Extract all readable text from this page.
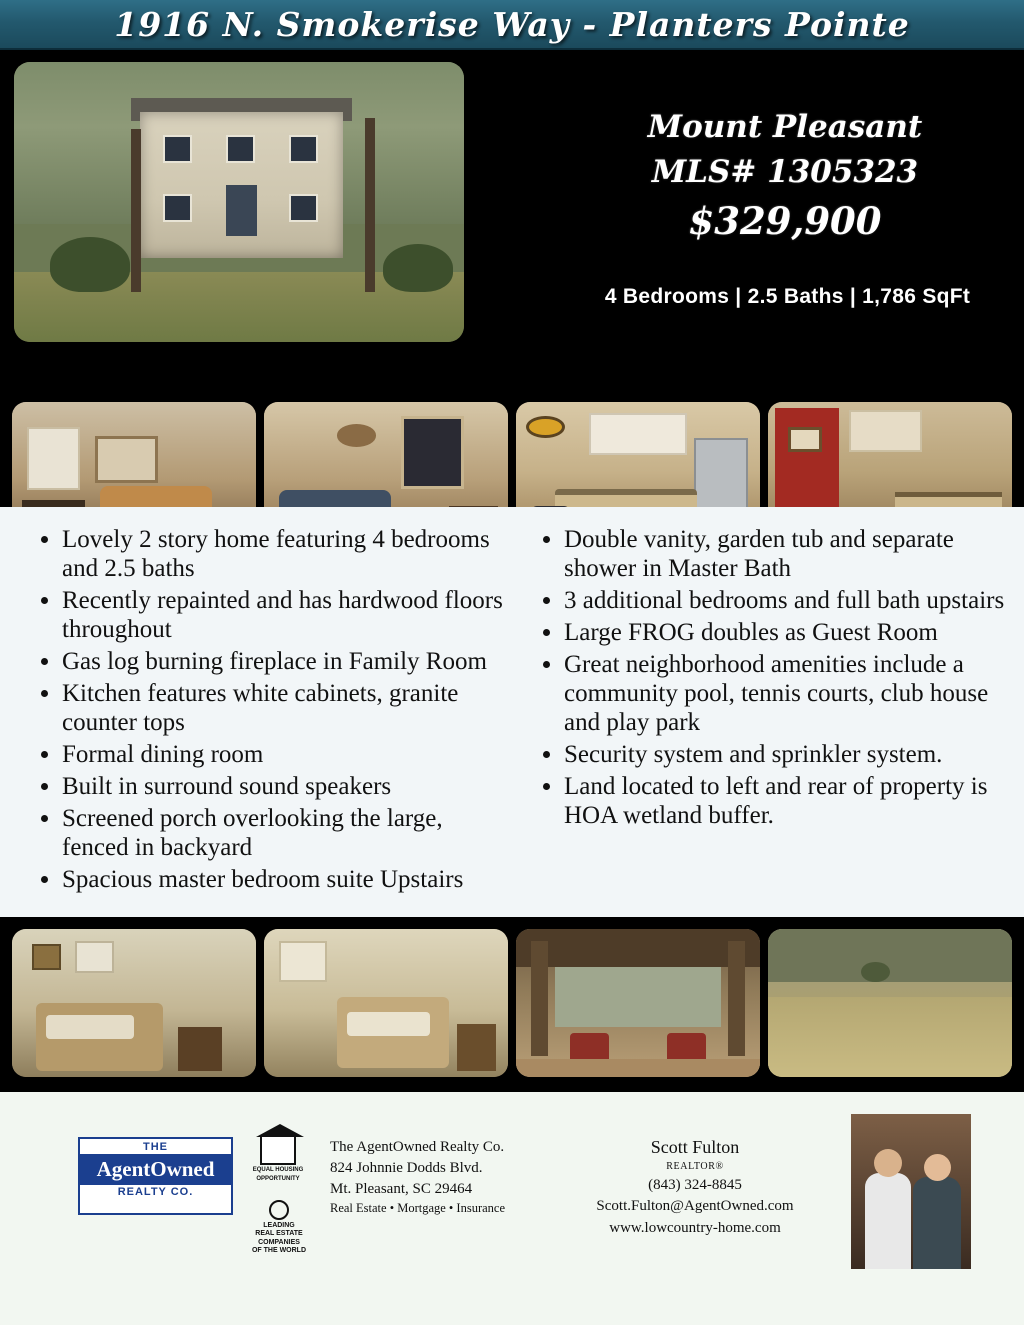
1916 N. Smokerise Way - Planters Pointe
Mount Pleasant
MLS# 1305323
$329,900
4 Bedrooms | 2.5 Baths | 1,786 SqFt
• Lovely 2 story home featuring 4 bedrooms and 2.5 baths
• Recently repainted and has hardwood floors throughout
• Gas log burning fireplace in Family Room
• Kitchen features white cabinets, granite counter tops
• Formal dining room
• Built in surround sound speakers
• Screened porch overlooking the large, fenced in backyard
• Spacious master bedroom suite Upstairs
• Double vanity, garden tub and separate shower in Master Bath
• 3 additional bedrooms and full bath upstairs
• Large FROG doubles as Guest Room
• Great neighborhood amenities include a community pool, tennis courts, club house and play park
• Security system and sprinkler system.
• Land located to left and rear of property is HOA wetland buffer.
THE
AgentOwned
REALTY CO.
EQUAL HOUSING
OPPORTUNITY
LEADING
REAL ESTATE
COMPANIES
OF THE WORLD
The AgentOwned Realty Co.
824 Johnnie Dodds Blvd.
Mt. Pleasant, SC 29464
Real Estate • Mortgage • Insurance
Scott Fulton
REALTOR®
(843) 324-8845
Scott.Fulton@AgentOwned.com
www.lowcountry-home.com
